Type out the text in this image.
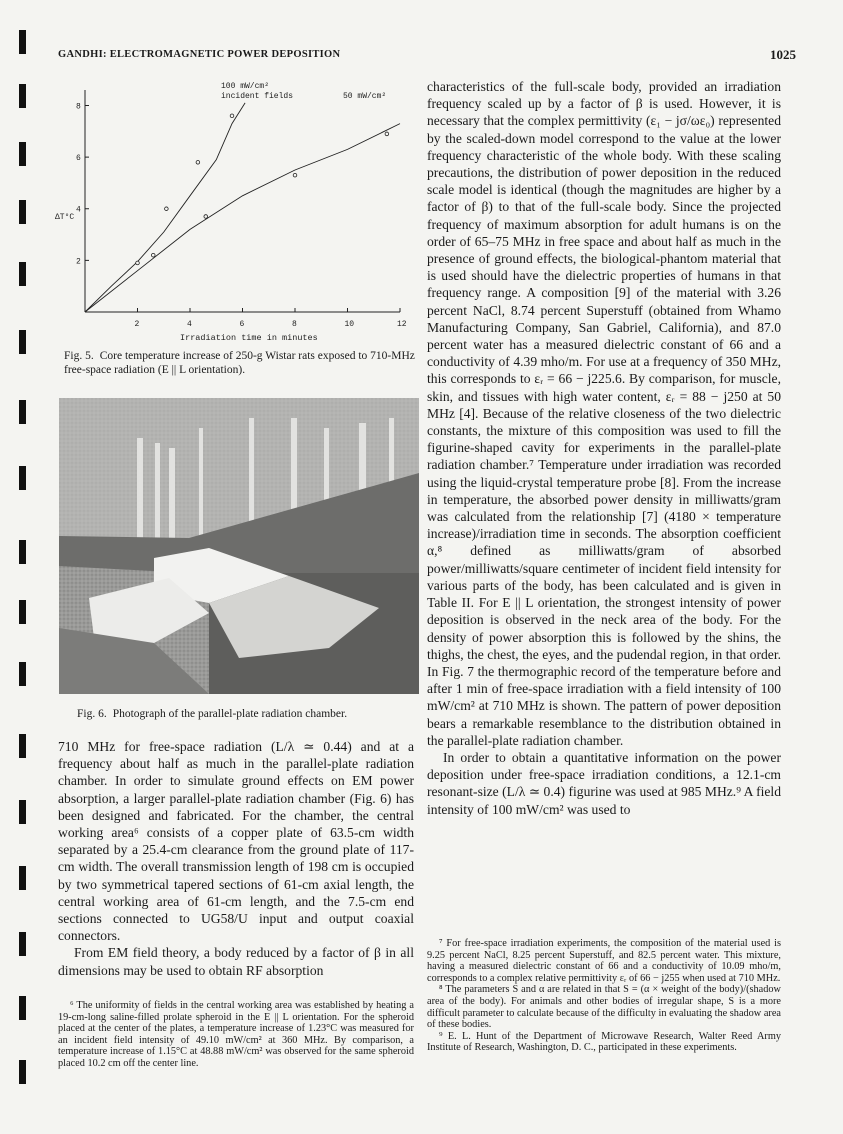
GANDHI: ELECTROMAGNETIC POWER DEPOSITION	1025
2	4	6	8	10	12
2
4
6
8
ΔT°C
Irradiation time in minutes
100 mW/cm²
incident fields	50 mW/cm²
Fig. 5. Core temperature increase of 250-g Wistar rats exposed to 710-MHz free-space radiation (E || L orientation).
Fig. 6. Photograph of the parallel-plate radiation chamber.

710 MHz for free-space radiation (L/λ ≃ 0.44) and at a frequency about half as much in the parallel-plate radiation chamber. In order to simulate ground effects on EM power absorption, a larger parallel-plate radiation chamber (Fig. 6) has been designed and fabricated. For the chamber, the central working area⁶ consists of a copper plate of 63.5-cm width separated by a 25.4-cm clearance from the ground plate of 117-cm width. The overall transmission length of 198 cm is occupied by two symmetrical tapered sections of 61-cm axial length, the central working area of 61-cm length, and the 7.5-cm end sections connected to UG58/U input and output coaxial connectors.

From EM field theory, a body reduced by a factor of β in all dimensions may be used to obtain RF absorption

⁶ The uniformity of fields in the central working area was established by heating a 19-cm-long saline-filled prolate spheroid in the E || L orientation. For the spheroid placed at the center of the plates, a temperature increase of 1.23°C was measured for an incident field intensity of 49.10 mW/cm² at 360 MHz. By comparison, a temperature increase of 1.15°C at 48.88 mW/cm² was observed for the same spheroid placed 10.2 cm off the center line.

characteristics of the full-scale body, provided an irradiation frequency scaled up by a factor of β is used. However, it is necessary that the complex permittivity (ε₁ − jσ/ωε₀) represented by the scaled-down model correspond to the value at the lower frequency characteristic of the whole body. With these scaling precautions, the distribution of power deposition in the reduced scale model is identical (though the magnitudes are higher by a factor of β) to that of the full-scale body. Since the projected frequency of maximum absorption for adult humans is on the order of 65–75 MHz in free space and about half as much in the presence of ground effects, the biological-phantom material that is used should have the dielectric properties of humans in that frequency range. A composition [9] of the material with 3.26 percent NaCl, 8.74 percent Superstuff (obtained from Whamo Manufacturing Company, San Gabriel, California), and 87.0 percent water has a measured dielectric constant of 66 and a conductivity of 4.39 mho/m. For use at a frequency of 350 MHz, this corresponds to εᵣ = 66 − j225.6. By comparison, for muscle, skin, and tissues with high water content, εᵣ = 88 − j250 at 50 MHz [4]. Because of the relative closeness of the two dielectric constants, the mixture of this composition was used to fill the figurine-shaped cavity for experiments in the parallel-plate radiation chamber.⁷ Temperature under irradiation was recorded using the liquid-crystal temperature probe [8]. From the increase in temperature, the absorbed power density in milliwatts/gram was calculated from the relationship [7] (4180 × temperature increase)/irradiation time in seconds. The absorption coefficient α,⁸ defined as milliwatts/gram of absorbed power/milliwatts/square centimeter of incident field intensity for various parts of the body, has been calculated and is given in Table II. For E || L orientation, the strongest intensity of power deposition is observed in the neck area of the body. For the density of power absorption this is followed by the shins, the thighs, the chest, the eyes, and the pudendal region, in that order. In Fig. 7 the thermographic record of the temperature before and after 1 min of free-space irradiation with a field intensity of 100 mW/cm² at 710 MHz is shown. The pattern of power deposition bears a remarkable resemblance to the distribution obtained in the parallel-plate radiation chamber.

In order to obtain a quantitative information on the power deposition under free-space irradiation conditions, a 12.1-cm resonant-size (L/λ ≃ 0.4) figurine was used at 985 MHz.⁹ A field intensity of 100 mW/cm² was used to

⁷ For free-space irradiation experiments, the composition of the material used is 9.25 percent NaCl, 8.25 percent Superstuff, and 82.5 percent water. This mixture, having a measured dielectric constant of 66 and a conductivity of 10.09 mho/m, corresponds to a complex relative permittivity εᵣ of 66 − j255 when used at 710 MHz.

⁸ The parameters S and α are related in that S = (α × weight of the body)/(shadow area of the body). For animals and other bodies of irregular shape, S is a more difficult parameter to calculate because of the difficulty in evaluating the shadow area of these bodies.

⁹ E. L. Hunt of the Department of Microwave Research, Walter Reed Army Institute of Research, Washington, D. C., participated in these experiments.
